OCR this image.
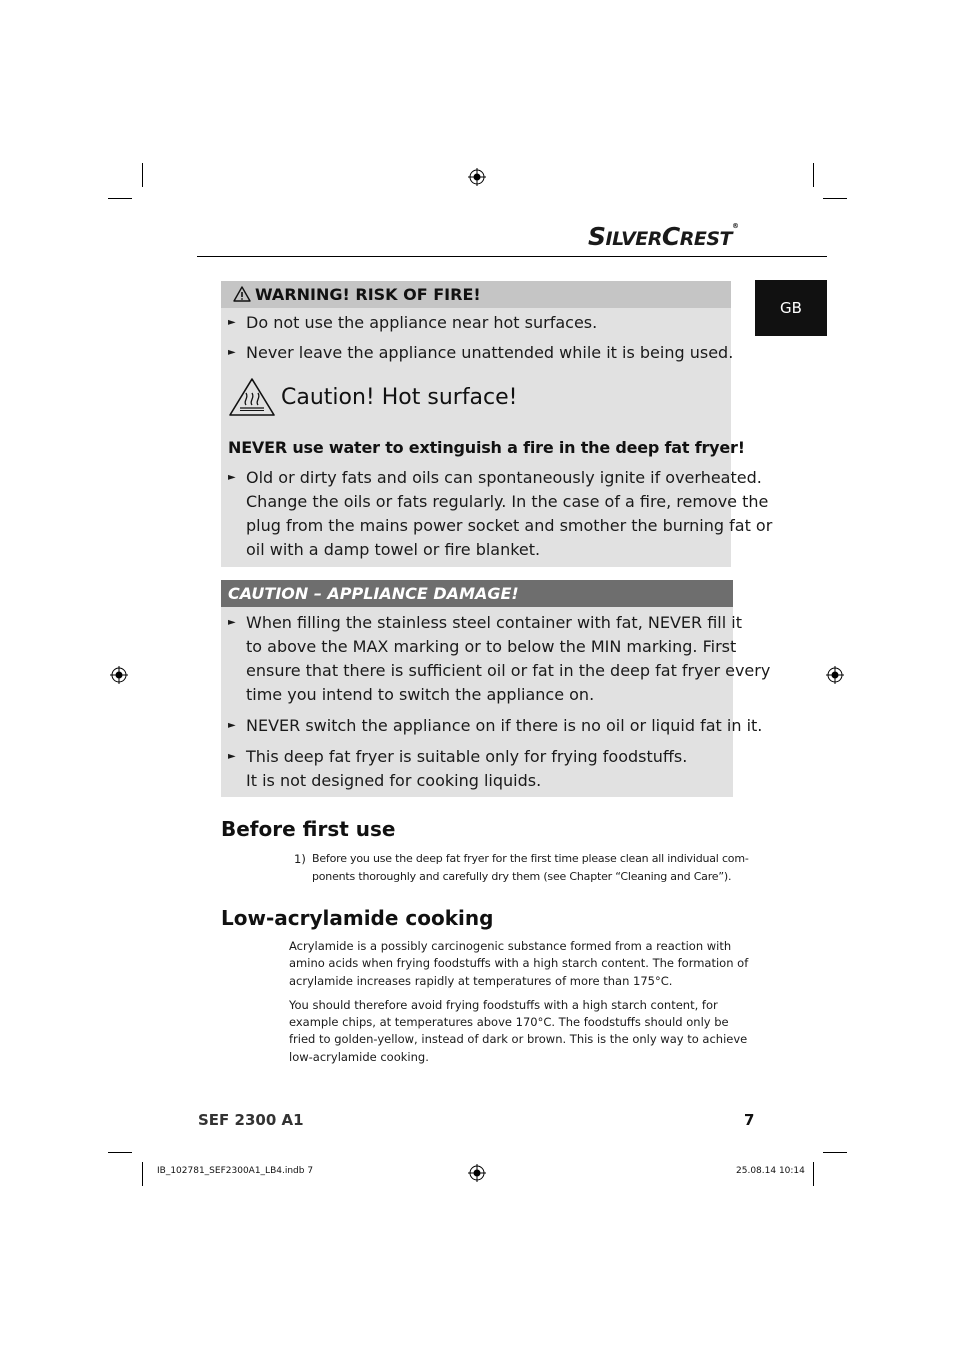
SILVERCREST®
GB
WARNING! RISK OF FIRE!
► Do not use the appliance near hot surfaces.
► Never leave the appliance unattended while it is being used.
Caution! Hot surface!
NEVER use water to extinguish a fire in the deep fat fryer!
► Old or dirty fats and oils can spontaneously ignite if overheated.
Change the oils or fats regularly. In the case of a fire, remove the
plug from the mains power socket and smother the burning fat or
oil with a damp towel or fire blanket.
CAUTION – APPLIANCE DAMAGE!
► When filling the stainless steel container with fat, NEVER fill it
to above the MAX marking or to below the MIN marking. First
ensure that there is sufficient oil or fat in the deep fat fryer every
time you intend to switch the appliance on.
► NEVER switch the appliance on if there is no oil or liquid fat in it.
► This deep fat fryer is suitable only for frying foodstuffs.
It is not designed for cooking liquids.
Before first use
1) Before you use the deep fat fryer for the first time please clean all individual com-
ponents thoroughly and carefully dry them (see Chapter “Cleaning and Care”).
Low-acrylamide cooking
Acrylamide is a possibly carcinogenic substance formed from a reaction with
amino acids when frying foodstuffs with a high starch content. The formation of
acrylamide increases rapidly at temperatures of more than 175°C.
You should therefore avoid frying foodstuffs with a high starch content, for
example chips, at temperatures above 170°C. The foodstuffs should only be
fried to golden-yellow, instead of dark or brown. This is the only way to achieve
low-acrylamide cooking.
SEF 2300 A1	7
IB_102781_SEF2300A1_LB4.indb 7	25.08.14 10:14
